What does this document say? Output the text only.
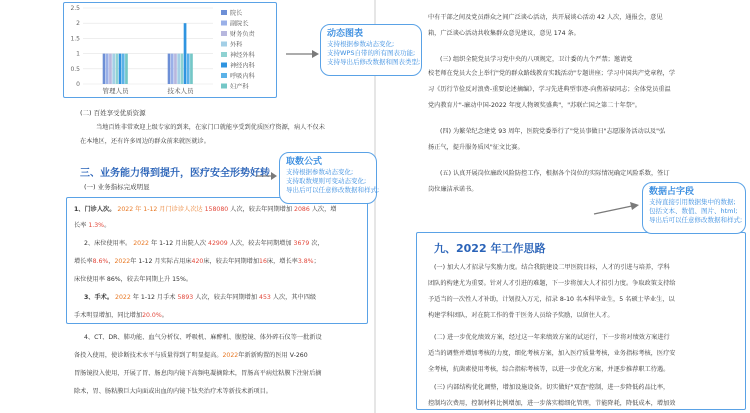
0
0.5
1
1.5
2
2.5
管理人员	技术人员
院长
副院长
财务负责
外科
神经外科
神经内科
呼吸内科
妇产科
(二) 百姓享受优质资源
当地百姓非常欢迎上级专家的到来，在家门口就能享受到优质医疗资源，病人不仅未
在本地区，还有许多周边的群众前来就医就诊。
三、业务能力得到提升，医疗安全形势好转
(一) 业务指标完成明显
1、门诊人次。 2022 年 1-12 月门诊诊人次达 158080 人次，较去年同期增加 2086 人次，增
长率 1.3%。
2、床位使用率。 2022 年 1-12 月出院人次 42909 人次，较去年同期增加 3679 次，
增长率8.6%，2022年 1-12 月实际占用床420床，较去年同期增加16床，增长率3.8%；
床位使用率 86%，较去年同期上升 15%。
3、手术。 2022 年 1-12 月手术 5893 人次，较去年同期增加 453 人次，其中四级
手术明显增加，同比增加20.0%。
4、CT、DR、肺功能、血气分析仪、呼吸机、麻醉机、腹腔镜、体外碎石仪等一批新设
备投入使用，使诊断技术水平与质量得到了明显提高。2022年新新购置的医用 V-260
胃肠镜投入使用，开展了胃、肠息肉内镜下高频电凝摘除术，胃肠高平病灶粘膜下注射后摘
除术，胃、肠粘膜巨大向面或出血的内镜下钛夹治疗术等新技术新项目。
中有干部之间及党员群众之间广泛谈心活动，共开展谈心活动 42 人次，通报会，意见
箱，广泛谈心活动共收集群众意见建议，意见 174 条。
(三) 组织全院党员学习党中央的八项规定，卫计委的九个严禁；邀请党
校老师在党员大会上举行"党的群众路线教育实践活动"专题讲座；学习中国共产党章程，学
习《历行节俭反对浪费-重要论述摘编》，学习先进典型事迹-向焦裕禄同志；全体党员重温
党内教育片"-廉动中国-2022 年度人物颁奖盛典"，"苏联亡国之第二十年祭"。
(四) 为繁荣纪念建党 93 周年，医院党委举行了"党员事做日"志愿服务活动以及"弘
扬正气，提升服务质风"征文比赛。
(五) 认真开展岗位廉政风险防控工作，根据各个岗位的实际情况确定风险系数，签订
岗位廉洁承诺书。
九、2022 年工作思路
(一) 加大人才招录与奖励力度。结合我院建设二甲医院目标，人才的引进与培养，学科
团队的构建尤为重要。针对人才引进的难题，下一步将加大人才招引力度。争取政策支持给
予适当的一次性人才补助，计划投入万元，招录 8-10 名本科毕业生，5 名硕士毕业生，以
构建学科团队，对在院工作的骨干医务人员给予奖励，以留住人才。
(二) 进一步优化绩效方案，经过这一年来绩效方案的试运行，下一步将对绩效方案进行
适当的调整并增加考核的力度，细化考核方案，加入医疗质量考核，业务指标考核，医疗安
全考核，抗菌素使用考核，综合指标考核等，以进一步优化方案，并逐步推荐职工待遇。
(三) 内部结构优化调整，增加设施设备。切实做好"双查"控制，进一步降低药品比率，
控制均次费用，控制材料比例增加，进一步落实精细化管理，节能降耗，降低成本，增加效
动态图表
支持根据参数动态变化;
支持WPS自带的所有图表功能;
支持导出后修改数据和图表类型;
取数公式
支持根据参数动态变化;
支持取数规则可变动态变化;
导出后可以任意修改数据和样式;	数据占字段
支持直接引用数据集中的数据;
包括文本、数值、图片、html;
导出后可以任意修改数据和样式;
